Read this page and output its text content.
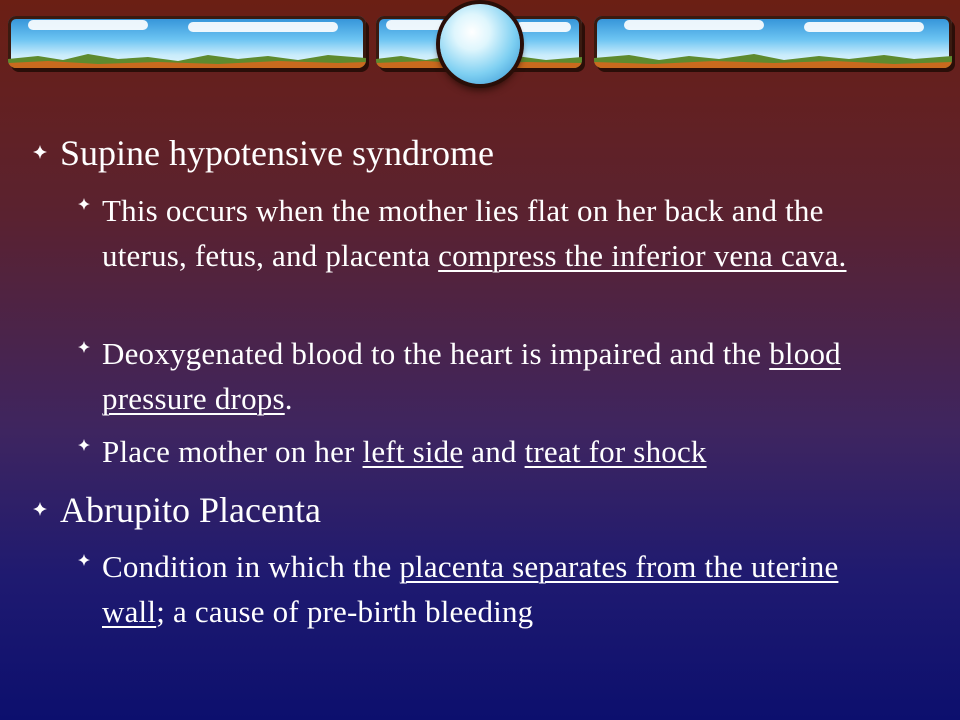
Supine hypotensive syndrome
This occurs when the mother lies flat on her back and the uterus, fetus, and placenta compress the inferior vena cava.
Deoxygenated blood to the heart is impaired and the blood pressure drops.
Place mother on her left side and treat for shock
Abrupito Placenta
Condition in which the placenta separates from the uterine wall; a cause of pre-birth bleeding
